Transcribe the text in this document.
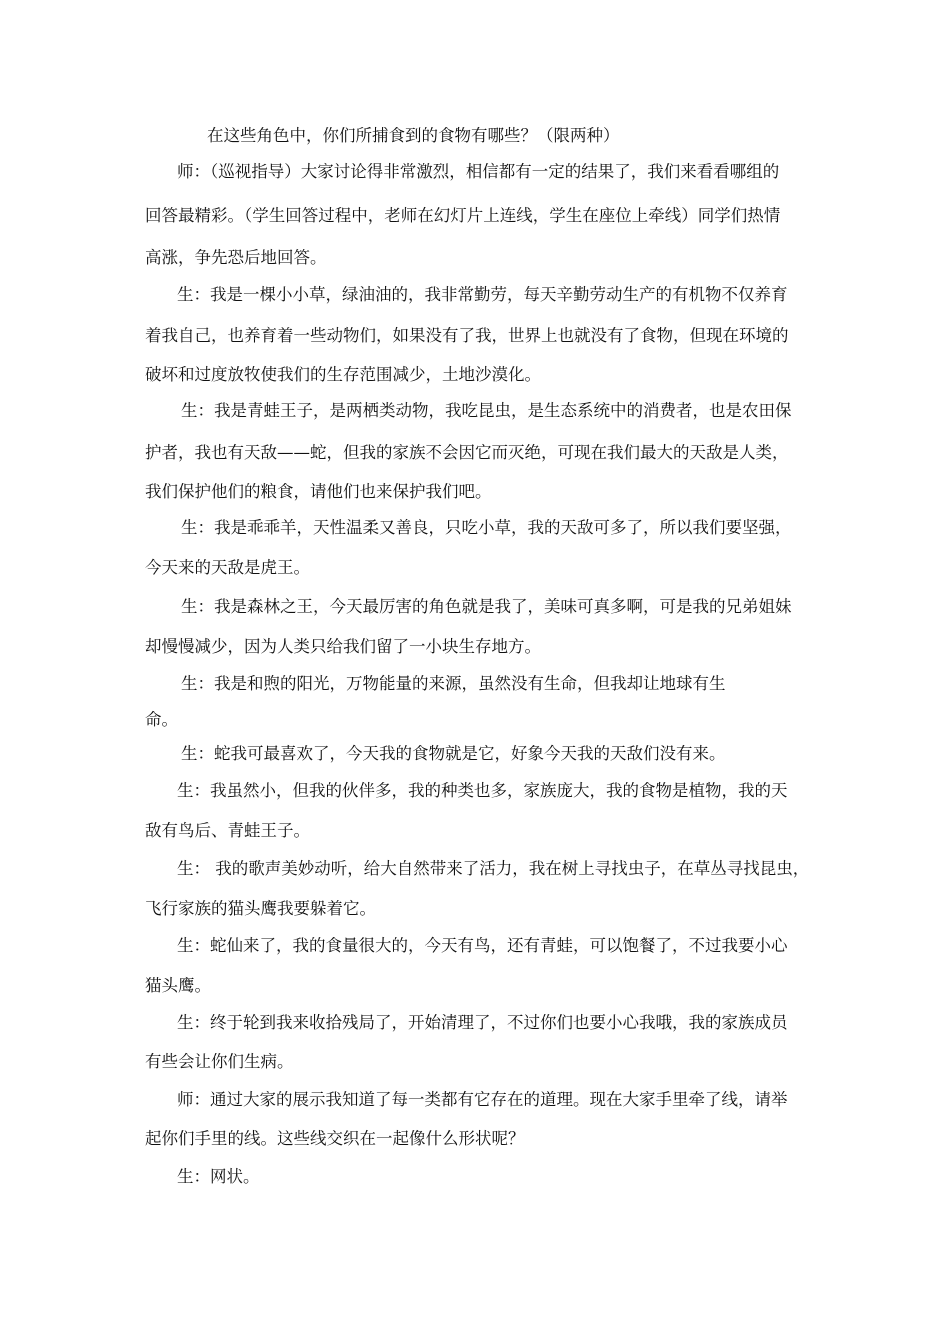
在这些角色中，你们所捕食到的食物有哪些？（限两种）
师：（巡视指导）大家讨论得非常激烈，相信都有一定的结果了，我们来看看哪组的
回答最精彩。（学生回答过程中，老师在幻灯片上连线，学生在座位上牵线）同学们热情
高涨，争先恐后地回答。
生：我是一棵小小草，绿油油的，我非常勤劳，每天辛勤劳动生产的有机物不仅养育
着我自己，也养育着一些动物们，如果没有了我，世界上也就没有了食物，但现在环境的
破坏和过度放牧使我们的生存范围减少，土地沙漠化。
生：我是青蛙王子，是两栖类动物，我吃昆虫，是生态系统中的消费者，也是农田保
护者，我也有天敌——蛇，但我的家族不会因它而灭绝，可现在我们最大的天敌是人类，
我们保护他们的粮食，请他们也来保护我们吧。
生：我是乖乖羊，天性温柔又善良，只吃小草，我的天敌可多了，所以我们要坚强，
今天来的天敌是虎王。
生：我是森林之王，今天最厉害的角色就是我了，美味可真多啊，可是我的兄弟姐妹
却慢慢减少，因为人类只给我们留了一小块生存地方。
生：我是和煦的阳光，万物能量的来源，虽然没有生命，但我却让地球有生
命。
生：蛇我可最喜欢了，今天我的食物就是它，好象今天我的天敌们没有来。
生：我虽然小，但我的伙伴多，我的种类也多，家族庞大，我的食物是植物，我的天
敌有鸟后、青蛙王子。
生： 我的歌声美妙动听，给大自然带来了活力，我在树上寻找虫子，在草丛寻找昆虫，
飞行家族的猫头鹰我要躲着它。
生：蛇仙来了，我的食量很大的，今天有鸟，还有青蛙，可以饱餐了，不过我要小心
猫头鹰。
生：终于轮到我来收拾残局了，开始清理了，不过你们也要小心我哦，我的家族成员
有些会让你们生病。
师：通过大家的展示我知道了每一类都有它存在的道理。现在大家手里牵了线，请举
起你们手里的线。这些线交织在一起像什么形状呢？
生：网状。
